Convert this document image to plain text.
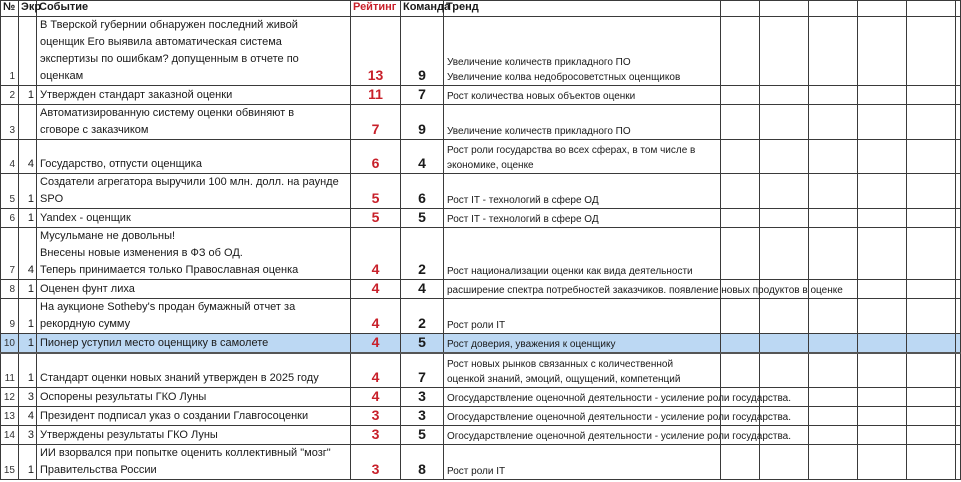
№	Экр	Событие	Рейтинг	Команда	Тренд						
1		В Тверской губернии обнаружен последний живой
оценщик Его выявила автоматическая система
экспертизы по ошибкам? допущенным в отчете по
оценкам	13	9	Увеличение количеств прикладного ПО
Увеличение колва недобросоветстных оценщиков						

2	1	Утвержден стандарт заказной оценки	11	7	Рост количества новых объектов оценки						

3		Автоматизированную систему оценки обвиняют в
сговоре с заказчиком	7	9	Увеличение количеств прикладного ПО						

4	4	Государство, отпусти оценщика	6	4	Рост роли государства во всех сферах, в том числе в
экономике, оценке						

5	1	Создатели агрегатора выручили 100 млн. долл. на раунде
SPO	5	6	Рост IT - технологий в сфере ОД						

6	1	Yandex - оценщик	5	5	Рост IT - технологий в сфере ОД						

7	4	Мусульмане не довольны!
Внесены новые изменения в ФЗ об ОД.
Теперь принимается только Православная оценка	4	2	Рост национализации оценки как вида деятельности						

8	1	Оценен фунт лиха	4	4	расширение спектра потребностей заказчиков. появление новых продуктов в оценке						

9	1	На аукционе Sotheby's продан бумажный отчет за
рекордную сумму	4	2	Рост роли IT						

10	1	Пионер уступил место оценщику в самолете	4	5	Рост доверия, уважения к оценщику						

11	1	Стандарт оценки новых знаний утвержден в 2025 году	4	7	Рост новых рынков связанных с количественной
оценкой знаний, эмоций, ощущений, компетенций						

12	3	Оспорены результаты ГКО Луны	4	3	Огосударствление оценочной деятельности - усиление роли государства.						

13	4	Президент подписал указ о создании Главгосоценки	3	3	Огосударствление оценочной деятельности - усиление роли государства.						

14	3	Утверждены результаты ГКО Луны	3	5	Огосударствление оценочной деятельности - усиление роли государства.						

15	1	ИИ взорвался при попытке оценить коллективный "мозг"
Правительства России	3	8	Рост роли IT						
